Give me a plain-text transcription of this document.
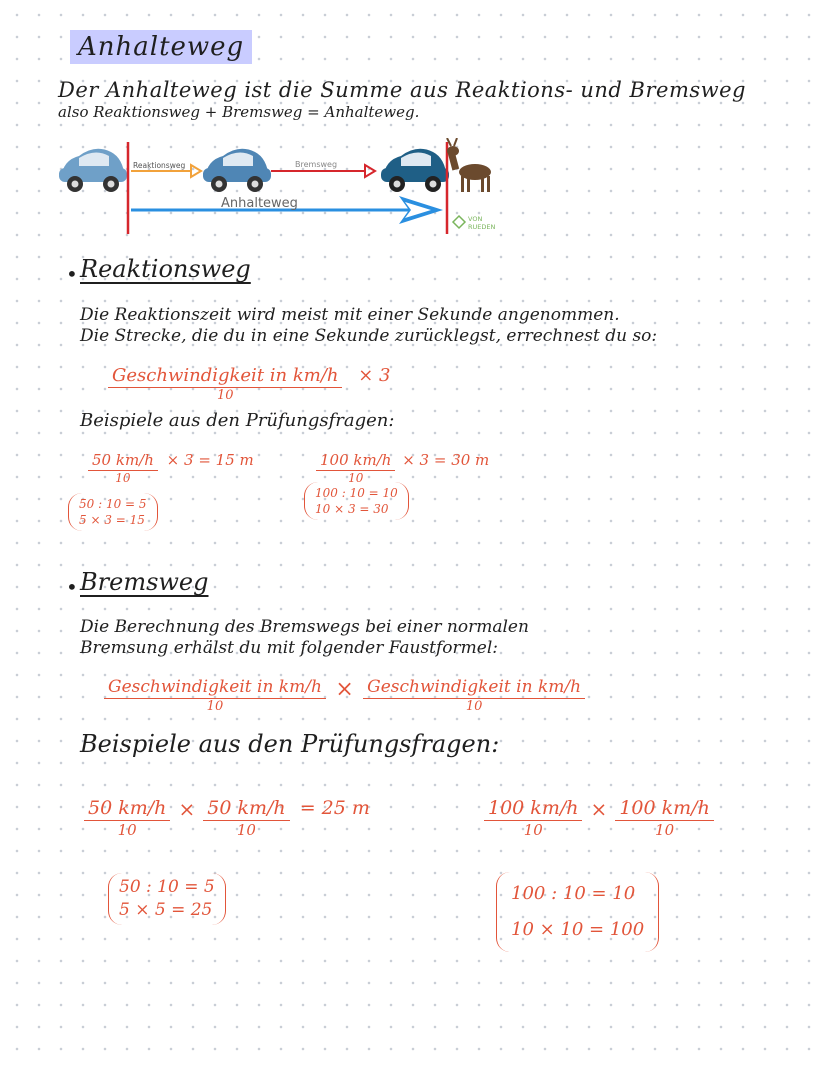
Anhalteweg
Der Anhalteweg ist die Summe aus Reaktions- und Bremsweg
also Reaktionsweg + Bremsweg = Anhalteweg.
Reaktionsweg	Bremsweg
Anhalteweg
VON
RUEDEN
• Reaktionsweg
Die Reaktionszeit wird meist mit einer Sekunde angenommen.
Die Strecke, die du in eine Sekunde zurücklegst, errechnest du so:
$\frac{\text{Geschwindigkeit in km/h}}{10} \times 3$
Beispiele aus den Prüfungsfragen:
$\frac{50 km/h}{10} \times 3 = 15$ m
50 : 10 = 5
5 × 3 = 15
$\frac{100 km/h}{10} \times 3 = 30$ m
100 : 10 = 10
10 × 3 = 30
• Bremsweg
Die Berechnung des Bremswegs bei einer normalen
Bremsung erhälst du mit folgender Faustformel:
$\frac{\text{Geschwindigkeit in km/h}}{10} \times \frac{\text{Geschwindigkeit in km/h}}{10}$
Beispiele aus den Prüfungsfragen:
$\frac{50 km/h}{10} \times \frac{50 km/h}{10} = 25$ m
50 : 10 = 5
5 × 5 = 25
$\frac{100 km/h}{10} \times \frac{100 km/h}{10}$
100 : 10 = 10
10 × 10 = 100
